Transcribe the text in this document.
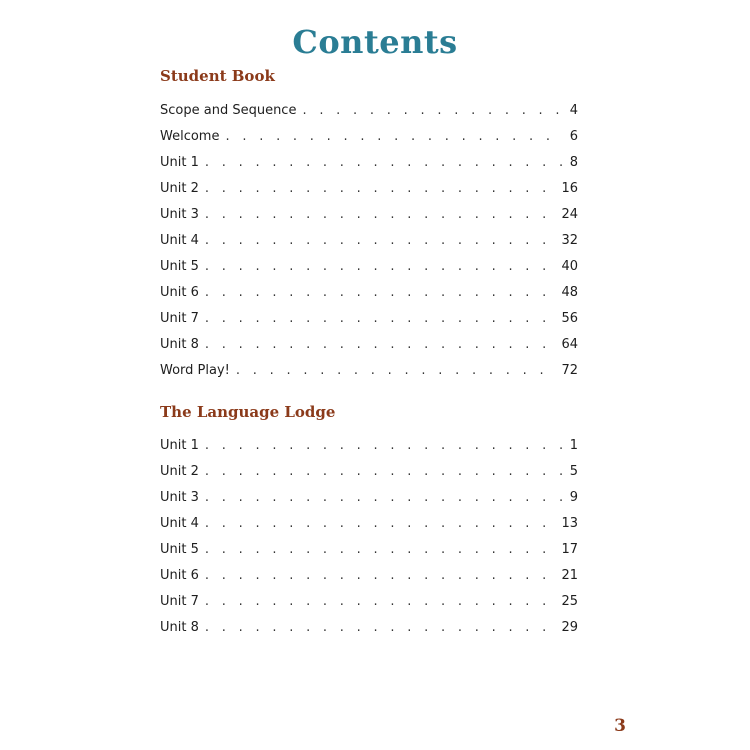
Contents
Student Book
Scope and Sequence . . .	4
Welcome . . .	6
Unit 1 . . .	8
Unit 2 . . .	16
Unit 3 . . .	24
Unit 4 . . .	32
Unit 5 . . .	40
Unit 6 . . .	48
Unit 7 . . .	56
Unit 8 . . .	64
Word Play! . . .	72
The Language Lodge
Unit 1 . . .	1
Unit 2 . . .	5
Unit 3 . . .	9
Unit 4 . . .	13
Unit 5 . . .	17
Unit 6 . . .	21
Unit 7 . . .	25
Unit 8 . . .	29
3
